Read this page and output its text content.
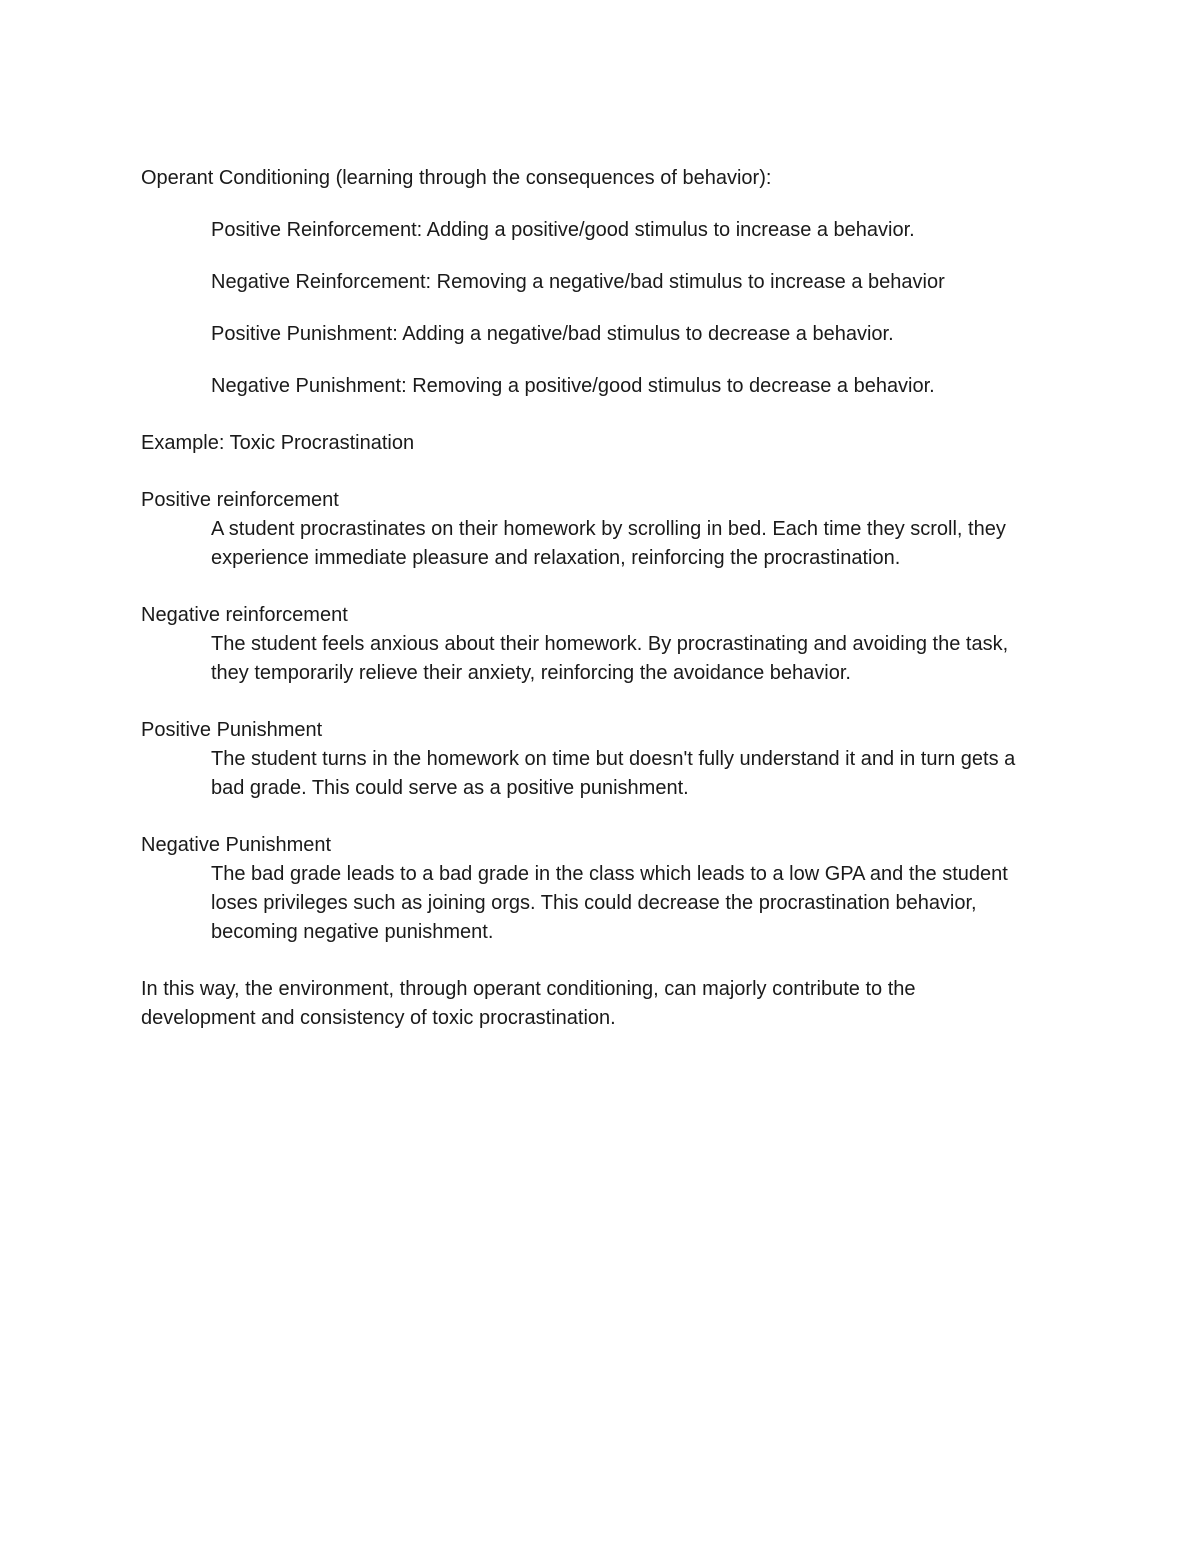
Operant Conditioning (learning through the consequences of behavior):

Positive Reinforcement: Adding a positive/good stimulus to increase a behavior.
Negative Reinforcement: Removing a negative/bad stimulus to increase a behavior
Positive Punishment: Adding a negative/bad stimulus to decrease a behavior.
Negative Punishment: Removing a positive/good stimulus to decrease a behavior.

Example: Toxic Procrastination

Positive reinforcement

A student procrastinates on their homework by scrolling in bed. Each time they scroll, they experience immediate pleasure and relaxation, reinforcing the procrastination.

Negative reinforcement

The student feels anxious about their homework. By procrastinating and avoiding the task, they temporarily relieve their anxiety, reinforcing the avoidance behavior.

Positive Punishment

The student turns in the homework on time but doesn't fully understand it and in turn gets a bad grade. This could serve as a positive punishment.

Negative Punishment

The bad grade leads to a bad grade in the class which leads to a low GPA and the student loses privileges such as joining orgs. This could decrease the procrastination behavior, becoming negative punishment.

In this way, the environment, through operant conditioning, can majorly contribute to the development and consistency of toxic procrastination.
